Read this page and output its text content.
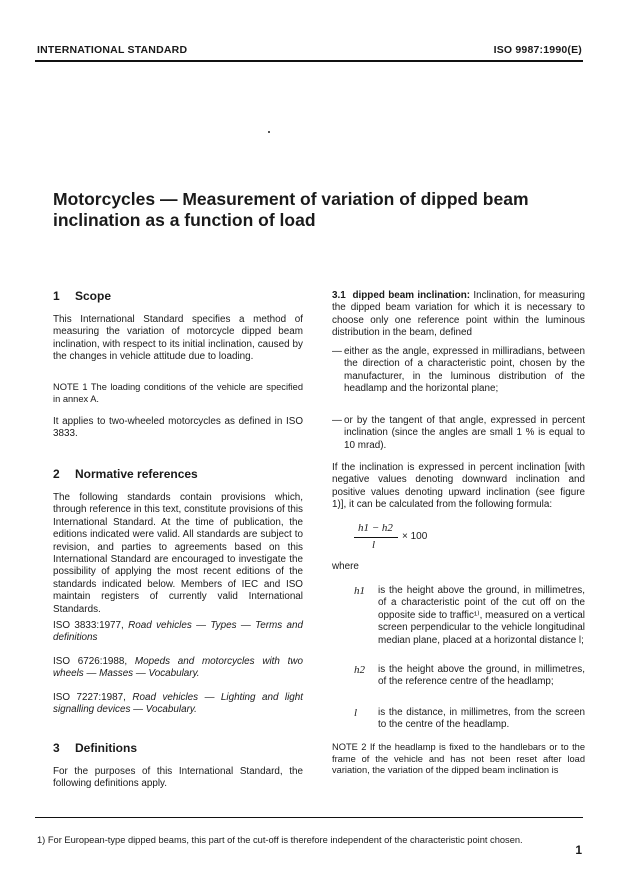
INTERNATIONAL STANDARD	ISO 9987:1990(E)
Motorcycles — Measurement of variation of dipped beam
inclination as a function of load
1 Scope
This International Standard specifies a method of measuring the variation of motorcycle dipped beam inclination, with respect to its initial inclination, caused by the changes in vehicle attitude due to loading.
NOTE 1 The loading conditions of the vehicle are specified in annex A.
It applies to two-wheeled motorcycles as defined in ISO 3833.
2 Normative references
The following standards contain provisions which, through reference in this text, constitute provisions of this International Standard. At the time of publication, the editions indicated were valid. All standards are subject to revision, and parties to agreements based on this International Standard are encouraged to investigate the possibility of applying the most recent editions of the standards indicated below. Members of IEC and ISO maintain registers of currently valid International Standards.
ISO 3833:1977, Road vehicles — Types — Terms and definitions
ISO 6726:1988, Mopeds and motorcycles with two wheels — Masses — Vocabulary.
ISO 7227:1987, Road vehicles — Lighting and light signalling devices — Vocabulary.
3 Definitions
For the purposes of this International Standard, the following definitions apply.
3.1 dipped beam inclination: Inclination, for measuring the dipped beam variation for which it is necessary to choose only one reference point within the luminous distribution in the beam, defined
— either as the angle, expressed in milliradians, between the direction of a characteristic point, chosen by the manufacturer, in the luminous distribution of the headlamp and the horizontal plane;
— or by the tangent of that angle, expressed in percent inclination (since the angles are small 1 % is equal to 10 mrad).
If the inclination is expressed in percent inclination [with negative values denoting downward inclination and positive values denoting upward inclination (see figure 1)], it can be calculated from the following formula:
h1 − h2
l
× 100
where
h1 is the height above the ground, in millimetres, of a characteristic point of the cut off on the opposite side to traffic¹⁾, measured on a vertical screen perpendicular to the vehicle longitudinal median plane, placed at a horizontal distance l;
h2 is the height above the ground, in millimetres, of the reference centre of the headlamp;
l is the distance, in millimetres, from the screen to the centre of the headlamp.
NOTE 2 If the headlamp is fixed to the handlebars or to the frame of the vehicle and has not been reset after load variation, the variation of the dipped beam inclination is
1) For European-type dipped beams, this part of the cut-off is therefore independent of the characteristic point chosen.
1
